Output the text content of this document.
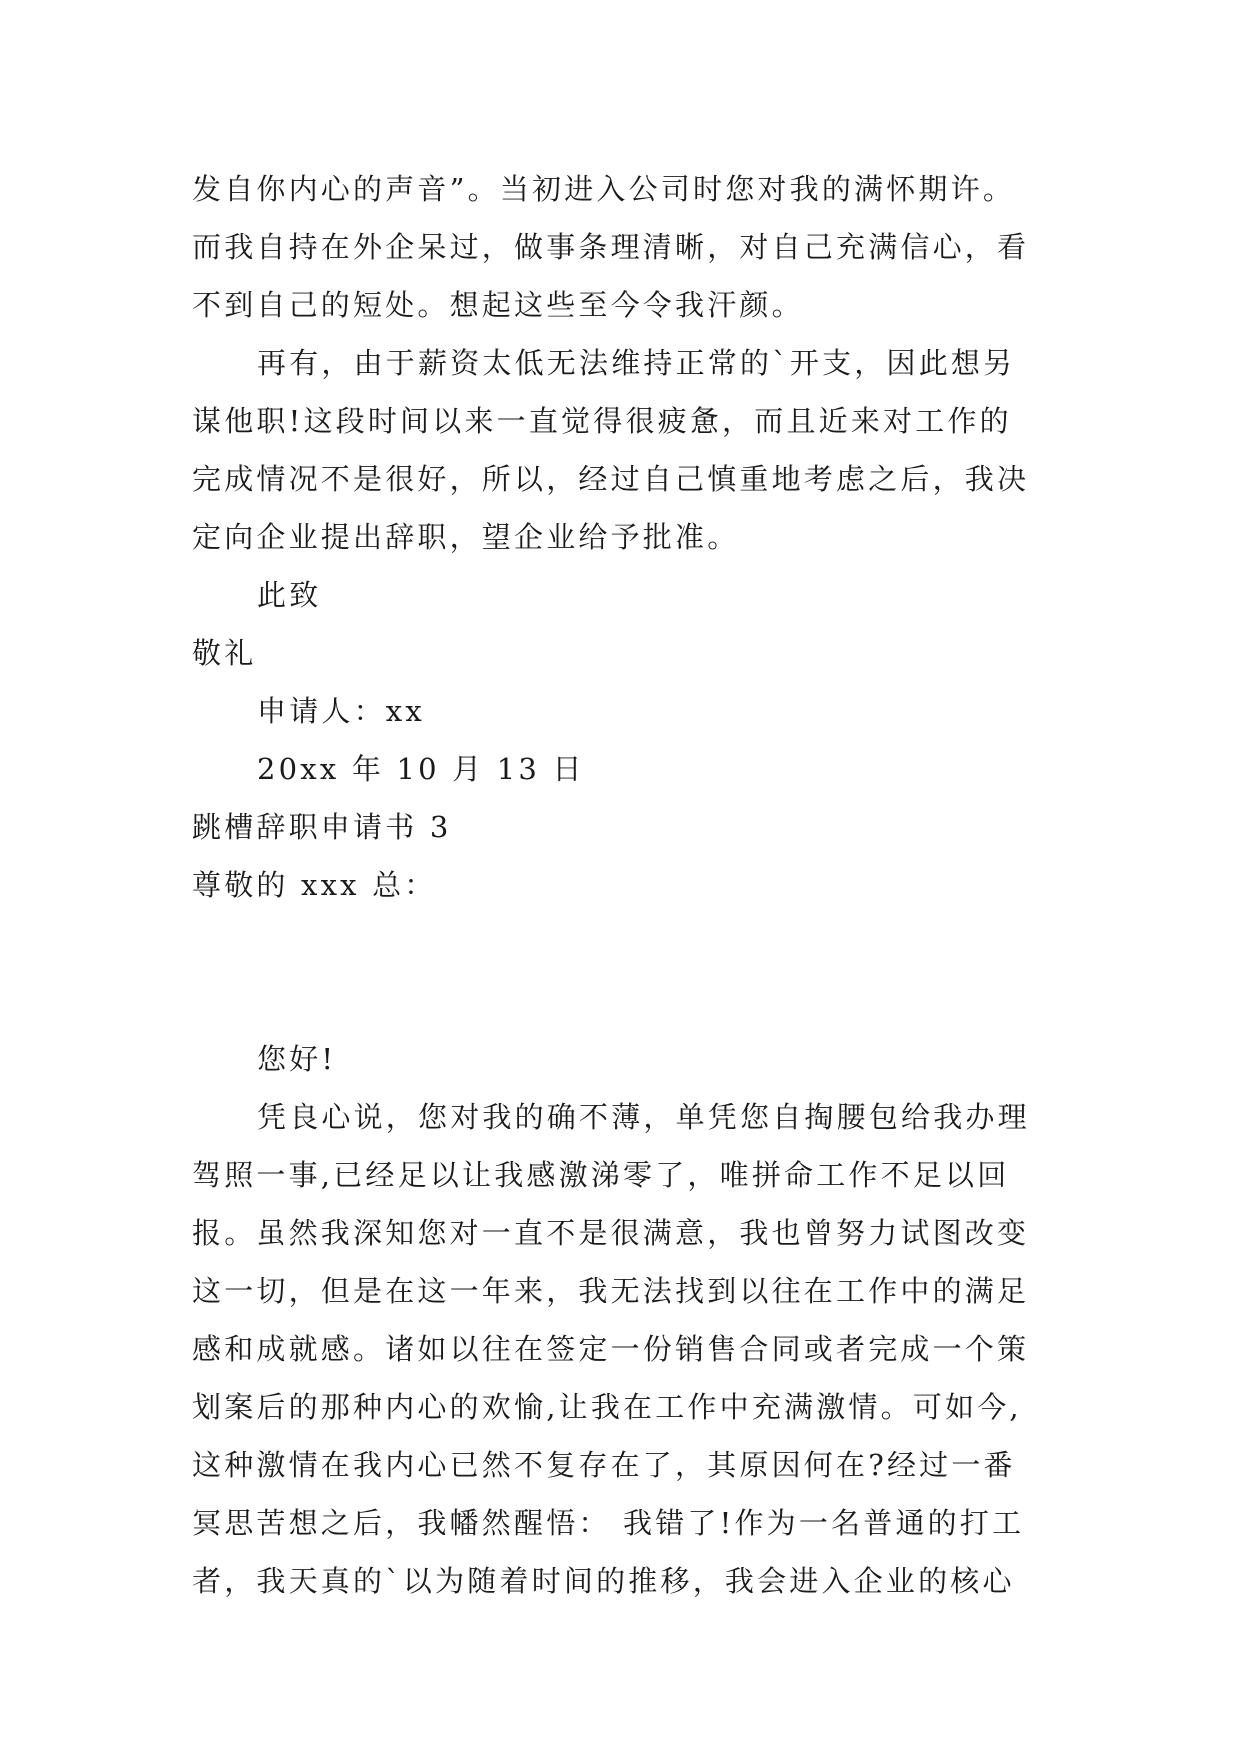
发自你内心的声音”。当初进入公司时您对我的满怀期许。
而我自持在外企呆过，做事条理清晰，对自己充满信心，看
不到自己的短处。想起这些至今令我汗颜。
再有，由于薪资太低无法维持正常的`开支，因此想另
谋他职!这段时间以来一直觉得很疲惫，而且近来对工作的
完成情况不是很好，所以，经过自己慎重地考虑之后，我决
定向企业提出辞职，望企业给予批准。
此致
敬礼
申请人：xx
20xx 年 10 月 13 日
跳槽辞职申请书 3
尊敬的 xxx 总：
您好!
凭良心说，您对我的确不薄，单凭您自掏腰包给我办理
驾照一事,已经足以让我感激涕零了，唯拼命工作不足以回
报。虽然我深知您对一直不是很满意，我也曾努力试图改变
这一切，但是在这一年来，我无法找到以往在工作中的满足
感和成就感。诸如以往在签定一份销售合同或者完成一个策
划案后的那种内心的欢愉,让我在工作中充满激情。可如今,
这种激情在我内心已然不复存在了，其原因何在?经过一番
冥思苦想之后，我幡然醒悟： 我错了!作为一名普通的打工
者，我天真的`以为随着时间的推移，我会进入企业的核心
